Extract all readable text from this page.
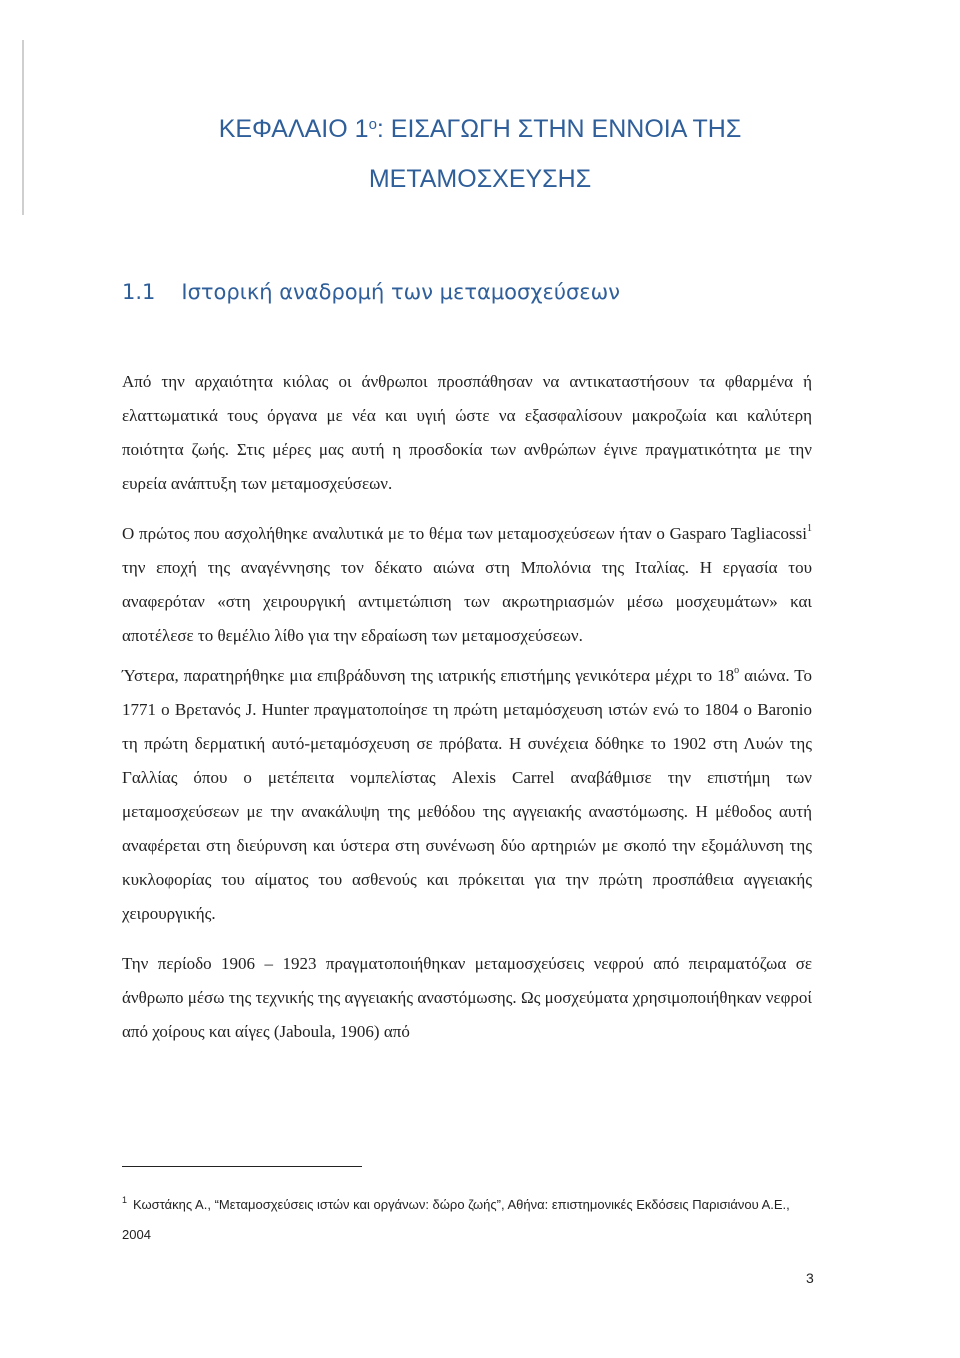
ΚΕΦΑΛΑΙΟ $1^o$: ΕΙΣΑΓΩΓΗ ΣΤΗΝ ΕΝΝΟΙΑ ΤΗΣ
ΜΕΤΑΜΟΣΧΕΥΣΗΣ
1.1 Ιστορική αναδρομή των μεταμοσχεύσεων

Από την αρχαιότητα κιόλας οι άνθρωποι προσπάθησαν να αντικαταστήσουν τα φθαρμένα ή ελαττωματικά τους όργανα με νέα και υγιή ώστε να εξασφαλίσουν μακροζωία και καλύτερη ποιότητα ζωής. Στις μέρες μας αυτή η προσδοκία των ανθρώπων έγινε πραγματικότητα με την ευρεία ανάπτυξη των μεταμοσχεύσεων.

Ο πρώτος που ασχολήθηκε αναλυτικά με το θέμα των μεταμοσχεύσεων ήταν ο Gasparo Tagliacossi$^1$ την εποχή της αναγέννησης τον δέκατο αιώνα στη Μπολόνια της Ιταλίας. Η εργασία του αναφερόταν «στη χειρουργική αντιμετώπιση των ακρωτηριασμών μέσω μοσχευμάτων» και αποτέλεσε το θεμέλιο λίθο για την εδραίωση των μεταμοσχεύσεων.

Ύστερα, παρατηρήθηκε μια επιβράδυνση της ιατρικής επιστήμης γενικότερα μέχρι το $18^o$ αιώνα. Το 1771 ο Βρετανός J. Hunter πραγματοποίησε τη πρώτη μεταμόσχευση ιστών ενώ το 1804 ο Baronio τη πρώτη δερματική αυτό-μεταμόσχευση σε πρόβατα. Η συνέχεια δόθηκε το 1902 στη Λυών της Γαλλίας όπου ο μετέπειτα νομπελίστας Alexis Carrel αναβάθμισε την επιστήμη των μεταμοσχεύσεων με την ανακάλυψη της μεθόδου της αγγειακής αναστόμωσης. Η μέθοδος αυτή αναφέρεται στη διεύρυνση και ύστερα στη συνένωση δύο αρτηριών με σκοπό την εξομάλυνση της κυκλοφορίας του αίματος του ασθενούς και πρόκειται για την πρώτη προσπάθεια αγγειακής χειρουργικής.

Την περίοδο 1906 – 1923 πραγματοποιήθηκαν μεταμοσχεύσεις νεφρού από πειραματόζωα σε άνθρωπο μέσω της τεχνικής της αγγειακής αναστόμωσης. Ως μοσχεύματα χρησιμοποιήθηκαν νεφροί από χοίρους και αίγες (Jaboula, 1906) από

$^1$ Κωστάκης Α., “Μεταμοσχεύσεις ιστών και οργάνων: δώρο ζωής”, Αθήνα: επιστημονικές Εκδόσεις Παρισιάνου Α.Ε., 2004

3
